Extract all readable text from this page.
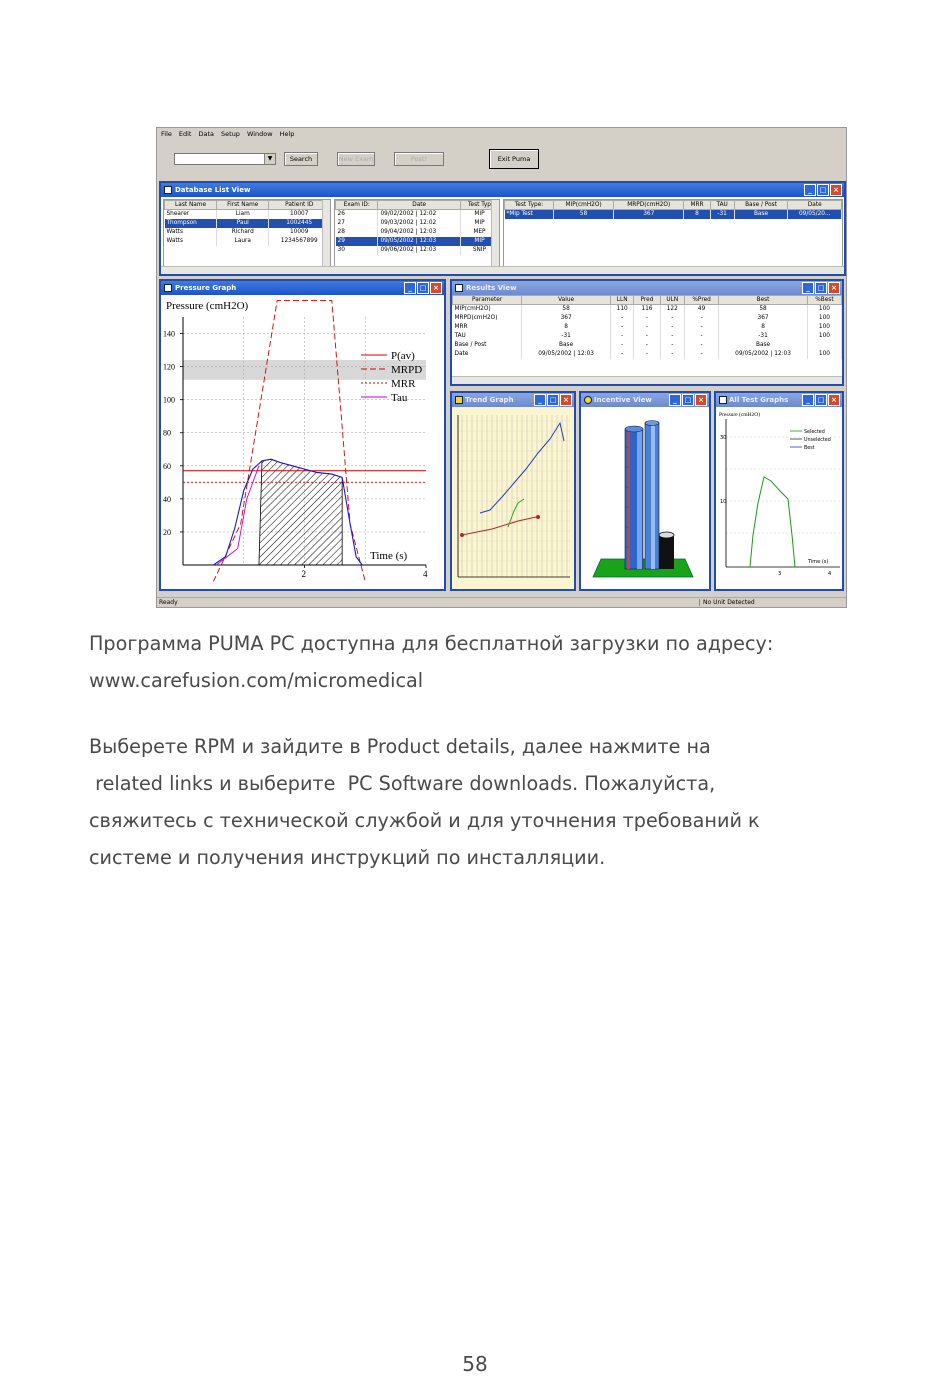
File Edit Data Setup Window Help
▼	Search	New Exam	Post!	Exit Puma
Database List View	_	□ ×
Last Name	First Name	Patient ID
Shearer	Liam	10007
Thompson	Paul	1002445
Watts	Richard	10009
Watts	Laura	1234567899
Exam ID:	Date	Test Typ
26	09/02/2002 | 12:02	MIP
27	09/03/2002 | 12:02	MIP
28	09/04/2002 | 12:03	MEP
29	09/05/2002 | 12:03	MIP
30	09/06/2002 | 12:03	SNIP
Test Type:	MIP(cmH2O)	MRPD(cmH2O)	MRR	TAU	Base / Post	Date
*Mip Test	58	367	8	-31	Base	09/05/20...
Pressure Graph	_	□ ×
Pressure (cmH2O)
140
120
100
80
60
40
20
2	4
P(av)
MRPD
MRR
Tau
Time (s)
Results View	_	□ ×
Parameter	Value	LLN	Pred	ULN	%Pred	Best	%Best
MIP(cmH2O)	58	110	116	122	49	58	100
MRPD(cmH2O)	367	-	-	-	-	367	100
MRR	8	-	-	-	-	8	100
TAU	-31	-	-	-	-	-31	100
Base / Post	Base	-	-	-	-	Base	
Date	09/05/2002 | 12:03	-	-	-	-	09/05/2002 | 12:03	100
Trend Graph	_	□ ×	Incentive View	_	□ ×	All Test Graphs	_	□ ×
Pressure (cmH2O)
Selected
Unselected
Best
30
10
3	4
Time (s)
Ready	No Unit Detected
Программа PUMA PC доступна для бесплатной загрузки по адресу:
www.carefusion.com/micromedical
Выберете RPM и зайдите в Product details, далее нажмите на
related links и выберите  PC Software downloads. Пожалуйста,
свяжитесь с технической службой и для уточнения требований к
системе и получения инструкций по инсталляции.
58
